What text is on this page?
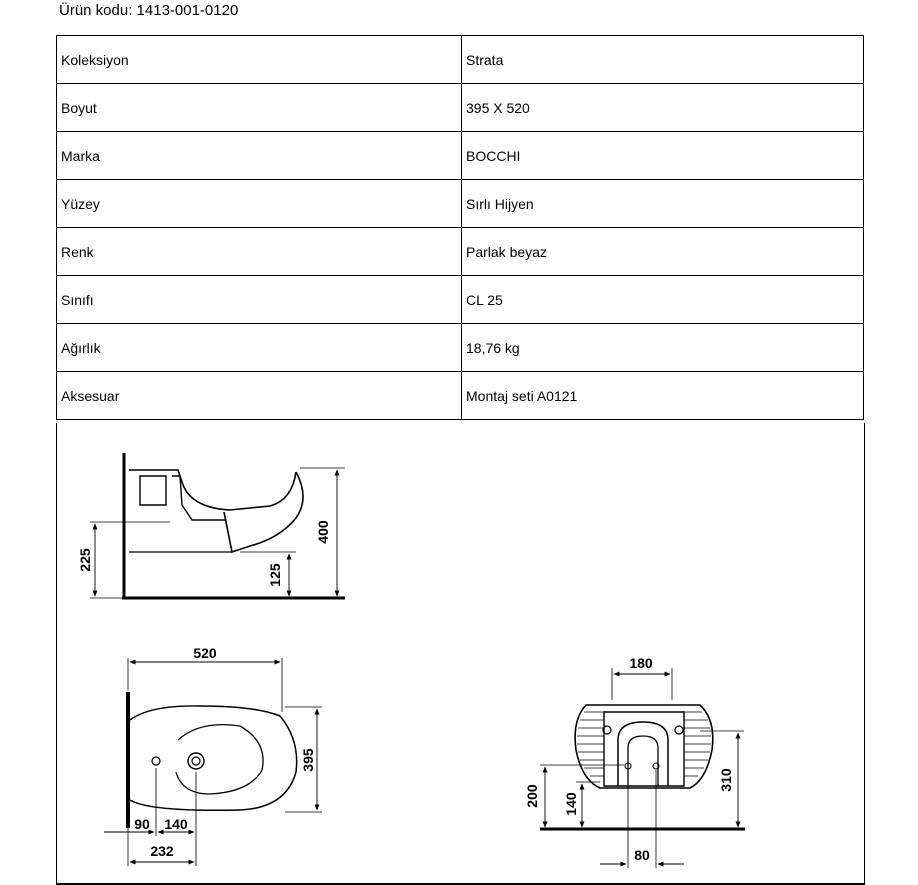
Ürün kodu: 1413-001-0120
Koleksiyon	Strata
Boyut	395 X 520
Marka	BOCCHI
Yüzey	Sırlı Hijyen
Renk	Parlak beyaz
Sınıfı	CL 25
Ağırlık	18,76 kg
Aksesuar	Montaj seti A0121
225
125
400
520
395
90 140
232
180
200 140
310
80
